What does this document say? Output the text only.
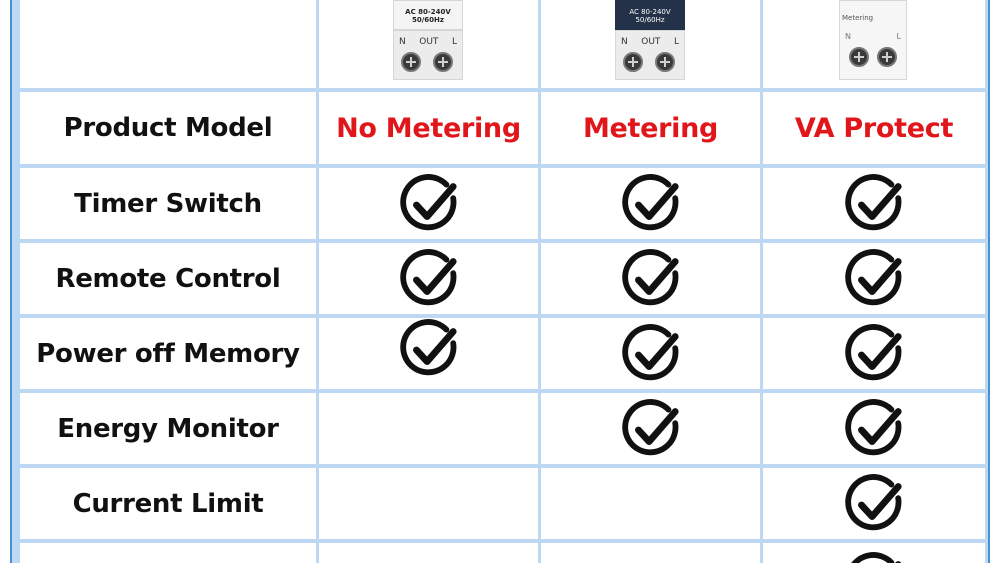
AC 80-240V
50/60Hz
N OUT L
AC 80-240V
50/60Hz
N OUT L
Metering
N	L
Product Model No Metering Metering	VA Protect
Timer Switch
Remote Control
Power off Memory
Energy Monitor
Current Limit
